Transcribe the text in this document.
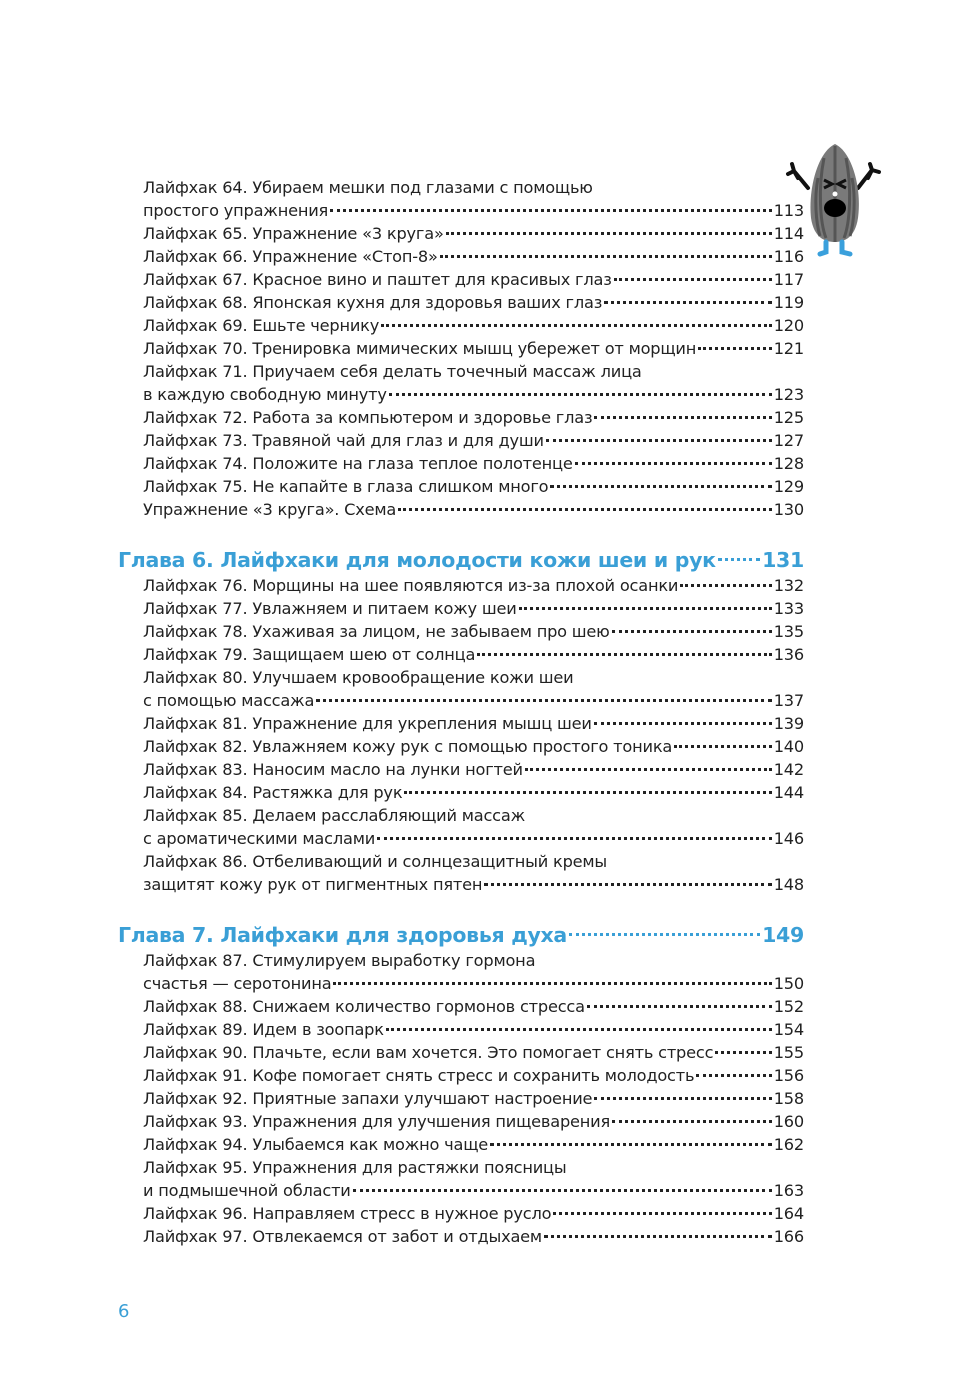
Лайфхак 64. Убираем мешки под глазами с помощью
простого упражнения	113
Лайфхак 65. Упражнение «3 круга»	114
Лайфхак 66. Упражнение «Стоп-8»	116
Лайфхак 67. Красное вино и паштет для красивых глаз	117
Лайфхак 68. Японская кухня для здоровья ваших глаз	119
Лайфхак 69. Ешьте чернику	120
Лайфхак 70. Тренировка мимических мышц убережет от морщин	121
Лайфхак 71. Приучаем себя делать точечный массаж лица
в каждую свободную минуту	123
Лайфхак 72. Работа за компьютером и здоровье глаз	125
Лайфхак 73. Травяной чай для глаз и для души	127
Лайфхак 74. Положите на глаза теплое полотенце	128
Лайфхак 75. Не капайте в глаза слишком много	129
Упражнение «3 круга». Схема	130
Глава 6. Лайфхаки для молодости кожи шеи и рук 131
Лайфхак 76. Морщины на шее появляются из-за плохой осанки	132
Лайфхак 77. Увлажняем и питаем кожу шеи	133
Лайфхак 78. Ухаживая за лицом, не забываем про шею	135
Лайфхак 79. Защищаем шею от солнца	136
Лайфхак 80. Улучшаем кровообращение кожи шеи
с помощью массажа	137
Лайфхак 81. Упражнение для укрепления мышц шеи	139
Лайфхак 82. Увлажняем кожу рук с помощью простого тоника	140
Лайфхак 83. Наносим масло на лунки ногтей	142
Лайфхак 84. Растяжка для рук	144
Лайфхак 85. Делаем расслабляющий массаж
с ароматическими маслами	146
Лайфхак 86. Отбеливающий и солнцезащитный кремы
защитят кожу рук от пигментных пятен	148
Глава 7. Лайфхаки для здоровья духа	149
Лайфхак 87. Стимулируем выработку гормона
счастья — серотонина	150
Лайфхак 88. Снижаем количество гормонов стресса	152
Лайфхак 89. Идем в зоопарк	154
Лайфхак 90. Плачьте, если вам хочется. Это помогает снять стресс	155
Лайфхак 91. Кофе помогает снять стресс и сохранить молодость	156
Лайфхак 92. Приятные запахи улучшают настроение	158
Лайфхак 93. Упражнения для улучшения пищеварения	160
Лайфхак 94. Улыбаемся как можно чаще	162
Лайфхак 95. Упражнения для растяжки поясницы
и подмышечной области	163
Лайфхак 96. Направляем стресс в нужное русло	164
Лайфхак 97. Отвлекаемся от забот и отдыхаем	166
6
